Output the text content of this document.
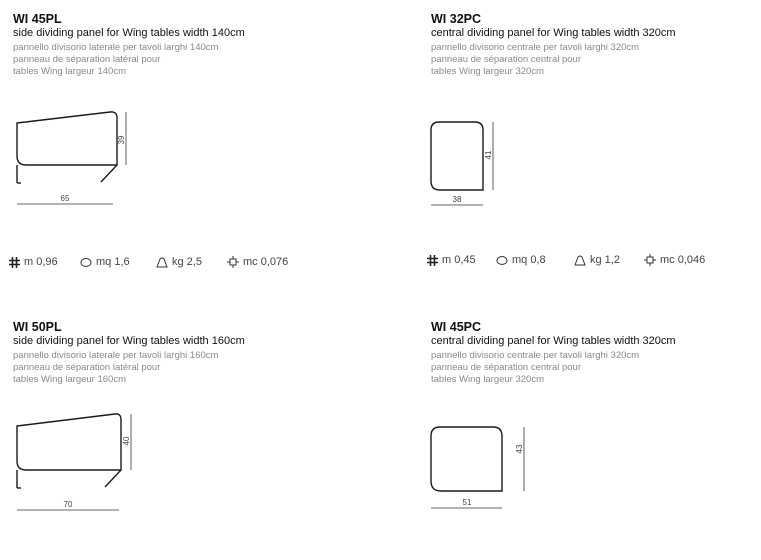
WI 45PL
side dividing panel for Wing tables width 140cm
pannello divisorio laterale per tavoli larghi 140cm
panneau de séparation latéral pour
tables Wing largeur 140cm
39
65
m 0,96	mq 1,6	kg 2,5	mc 0,076
WI 32PC
central dividing panel for Wing tables width 320cm
pannello divisorio centrale per tavoli larghi 320cm
panneau de séparation central pour
tables Wing largeur 320cm
41
38
m 0,45	mq 0,8	kg 1,2	mc 0,046
WI 50PL
side dividing panel for Wing tables width 160cm
pannello divisorio laterale per tavoli larghi 160cm
panneau de séparation latéral pour
tables Wing largeur 160cm
40
70
WI 45PC
central dividing panel for Wing tables width 320cm
pannello divisorio centrale per tavoli larghi 320cm
panneau de séparation central pour
tables Wing largeur 320cm
43
51
